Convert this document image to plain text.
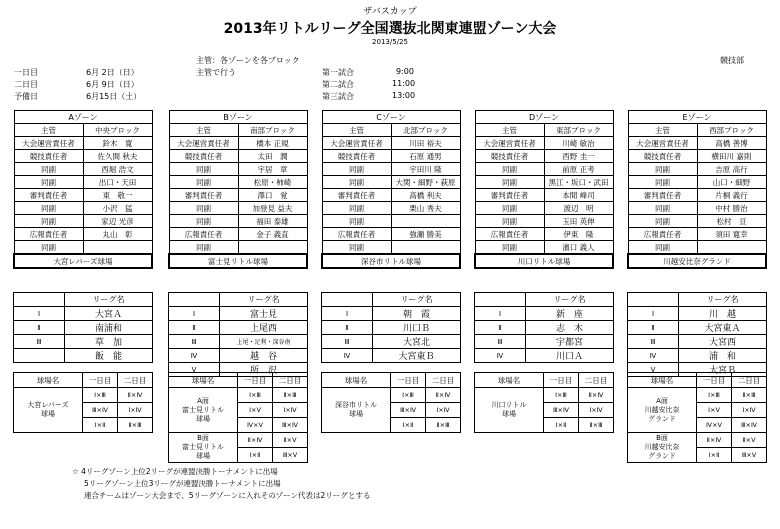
ザバスカップ
2013年リトルリーグ全国選抜北関東連盟ゾーン大会
2013/5/25
主管：各ゾーンを各ブロック
主管で行う
競技部
一日目	6月 2日（日）
二日目	6月 9日（日）
予備日	6月15日（土）
第一試合	9:00
第二試合	11:00
第三試合	13:00
Aゾーン	
主管	中央ブロック
大会運営責任者	鈴木　寛
競技責任者	佐久間 秋夫
同副	西堀 浩文
同副	出口・天田
審判責任者	東　敬一
同副	小沢　猛
同副	家辺 光彦
広報責任者	丸山　彰
同副	
大宮レパーズ球場	
	リーグ名
Ⅰ	大宮Ａ
Ⅱ	南浦和
Ⅲ	草　加
	飯　能
球場名	一日目	二日目
大宮レパーズ
球場	Ⅰ×Ⅲ	Ⅱ×Ⅳ
	Ⅲ×Ⅳ	Ⅰ×Ⅳ
	Ⅰ×Ⅱ	Ⅱ×Ⅲ
Bゾーン	
主管	南部ブロック
大会運営責任者	橋本 正規
競技責任者	太田　潤
同副	宇居　章
同副	松原・柿崎
審判責任者	澤口　覚
同副	加登見 益夫
同副	福田 泰雄
広報責任者	金子 義直
同副	
富士見リトル球場	
	リーグ名
Ⅰ	富士見
Ⅱ	上尾西
Ⅲ	上尾・足利・深谷南
Ⅳ	越　谷
Ⅴ	所　沢
球場名	一日目	二日目
A面
富士見リトル
球場	Ⅰ×Ⅲ	Ⅱ×Ⅲ
	Ⅰ×Ⅴ	Ⅰ×Ⅳ
	Ⅳ×Ⅴ	Ⅲ×Ⅳ
B面
富士見リトル
球場	Ⅱ×Ⅳ	Ⅱ×Ⅴ
	Ⅰ×Ⅱ	Ⅲ×Ⅴ
Cゾーン	
主管	北部ブロック
大会運営責任者	川田 裕夫
競技責任者	石原 通男
同副	宇田川 隆
同副	大関・細野・萩原
審判責任者	高橋 利夫
同副	栗山 秀夫
同副	
広報責任者	強瀬 勝美
同副	
深谷市リトル球場	
	リーグ名
Ⅰ	朝　霞
Ⅱ	川口Ｂ
Ⅲ	大宮北
Ⅳ	大宮東Ｂ
球場名	一日目	二日目
深谷市リトル
球場	Ⅰ×Ⅲ	Ⅱ×Ⅳ
	Ⅲ×Ⅳ	Ⅰ×Ⅳ
	Ⅰ×Ⅱ	Ⅱ×Ⅲ
Dゾーン	
主管	東部ブロック
大会運営責任者	川崎 敏治
競技責任者	西野 圭一
同副	前原 正考
同副	黒江・坂口・武田
審判責任者	本間 峰司
同副	渡辺　明
同副	玉田 英伸
広報責任者	伊東　隆
同副	濱口 義人
川口リトル球場	
	リーグ名
Ⅰ	新　座
Ⅱ	志　木
Ⅲ	宇都宮
Ⅳ	川口Ａ
球場名	一日目	二日目
川口リトル
球場	Ⅰ×Ⅲ	Ⅱ×Ⅳ
	Ⅲ×Ⅳ	Ⅰ×Ⅳ
	Ⅰ×Ⅱ	Ⅱ×Ⅲ
Eゾーン	
主管	西部ブロック
大会運営責任者	高橋 善博
競技責任者	横田川 嘉則
同副	吉原 高行
同副	山口・細野
審判責任者	片桐 義行
同副	中村 勝治
同副	松村　亘
広報責任者	須田 寛幸
同副	
川越安比奈グランド	
	リーグ名
Ⅰ	川　越
Ⅱ	大宮東Ａ
Ⅲ	大宮西
Ⅳ	浦　和
Ⅴ	大宮Ｂ
球場名	一日目	二日目
A面
川越安比奈
グランド	Ⅰ×Ⅲ	Ⅱ×Ⅲ
	Ⅰ×Ⅴ	Ⅰ×Ⅳ
	Ⅳ×Ⅴ	Ⅲ×Ⅳ
B面
川越安比奈
グランド	Ⅱ×Ⅳ	Ⅱ×Ⅴ
	Ⅰ×Ⅱ	Ⅲ×Ⅴ
☆ 4リーグゾーン上位2リーグが連盟決勝トーナメントに出場
5リーグゾーン上位3リーグが連盟決勝トーナメントに出場
連合チームはゾーン大会まで、5リーグゾーンに入れそのゾーン代表は2リーグとする
